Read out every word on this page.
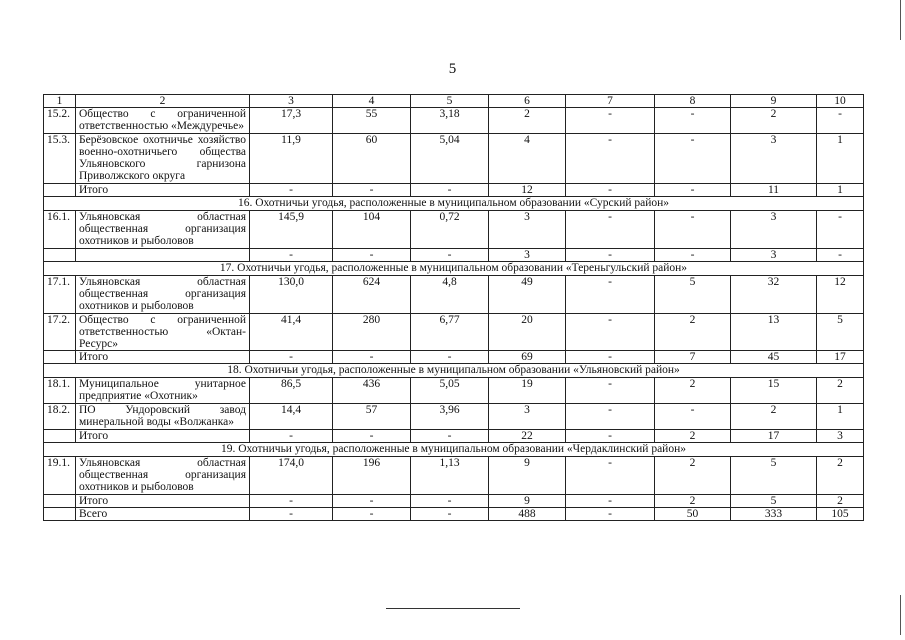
5
1	2	3	4	5	6	7	8	9	10
15.2.	Общество с ограниченной ответственностью «Междуречье»	17,3	55	3,18	2	-	-	2	-
15.3.	Берёзовское охотничье хозяйство военно-охотничьего общества Ульяновского гарнизона Приволжского округа	11,9	60	5,04	4	-	-	3	1
	Итого	-	-	-	12	-	-	11	1
16. Охотничьи угодья, расположенные в муниципальном образовании «Сурский район»									
16.1.	Ульяновская областная общественная организация охотников и рыболовов	145,9	104	0,72	3	-	-	3	-
		-	-	-	3	-	-	3	-
17. Охотничьи угодья, расположенные в муниципальном образовании «Тереньгульский район»									
17.1.	Ульяновская областная общественная организация охотников и рыболовов	130,0	624	4,8	49	-	5	32	12
17.2.	Общество с ограниченной ответственностью «Октан-Ресурс»	41,4	280	6,77	20	-	2	13	5
	Итого	-	-	-	69	-	7	45	17
18. Охотничьи угодья, расположенные в муниципальном образовании «Ульяновский район»									
18.1.	Муниципальное унитарное предприятие «Охотник»	86,5	436	5,05	19	-	2	15	2
18.2.	ПО Ундоровский завод минеральной воды «Волжанка»	14,4	57	3,96	3	-	-	2	1
	Итого	-	-	-	22	-	2	17	3
19. Охотничьи угодья, расположенные в муниципальном образовании «Чердаклинский район»									
19.1.	Ульяновская областная общественная организация охотников и рыболовов	174,0	196	1,13	9	-	2	5	2
	Итого	-	-	-	9	-	2	5	2
	Всего	-	-	-	488	-	50	333	105
